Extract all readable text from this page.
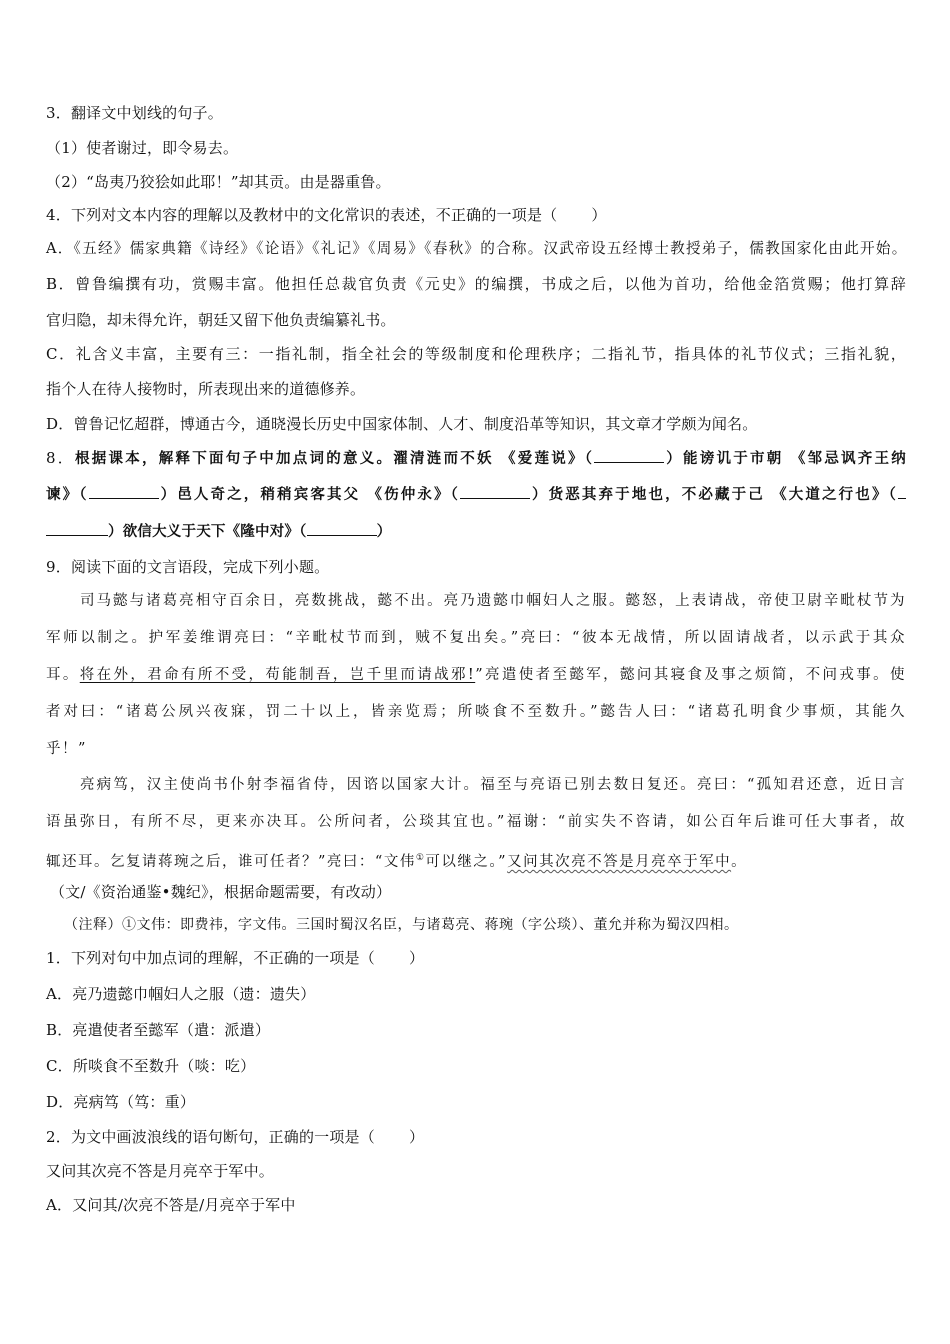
3．翻译文中划线的句子。
（1）使者谢过，即令易去。
（2）“岛夷乃狡狯如此耶！”却其贡。由是器重鲁。
4．下列对文本内容的理解以及教材中的文化常识的表述，不正确的一项是（ ）
A．《五经》儒家典籍《诗经》《论语》《礼记》《周易》《春秋》的合称。汉武帝设五经博士教授弟子，儒教国家化由此开始。
B．曾鲁编撰有功，赏赐丰富。他担任总裁官负责《元史》的编撰，书成之后，以他为首功，给他金箔赏赐；他打算辞
官归隐，却未得允许，朝廷又留下他负责编纂礼书。
C．礼含义丰富，主要有三：一指礼制，指全社会的等级制度和伦理秩序；二指礼节，指具体的礼节仪式；三指礼貌，
指个人在待人接物时，所表现出来的道德修养。
D．曾鲁记忆超群，博通古今，通晓漫长历史中国家体制、人才、制度沿革等知识，其文章才学颇为闻名。
8．根据课本，解释下面句子中加点词的意义。濯清涟而不妖 《爱莲说》（	）能谤讥于市朝 《邹忌讽齐王纳
谏》（	）邑人奇之，稍稍宾客其父 《伤仲永》（	）货恶其弃于地也，不必藏于己 《大道之行也》（
）欲信大义于天下《隆中对》（	）
9．阅读下面的文言语段，完成下列小题。
司马懿与诸葛亮相守百余日，亮数挑战，懿不出。亮乃遗懿巾帼妇人之服。懿怒，上表请战，帝使卫尉辛毗杖节为
军师以制之。护军姜维谓亮曰：“辛毗杖节而到，贼不复出矣。”亮曰：“彼本无战情，所以固请战者，以示武于其众
耳。将在外，君命有所不受，苟能制吾，岂千里而请战邪!”亮遣使者至懿军，懿问其寝食及事之烦简，不问戎事。使
者对曰：“诸葛公夙兴夜寐，罚二十以上，皆亲览焉；所啖食不至数升。”懿告人曰：“诸葛孔明食少事烦，其能久
乎！”
亮病笃，汉主使尚书仆射李福省侍，因谘以国家大计。福至与亮语已别去数日复还。亮曰：“孤知君还意，近日言
语虽弥日，有所不尽，更来亦决耳。公所问者，公琰其宜也。”福谢：“前实失不咨请，如公百年后谁可任大事者，故
辄还耳。乞复请蒋琬之后，谁可任者？”亮曰：“文伟①可以继之。”又问其次亮不答是月亮卒于军中。
（文/《资治通鉴•魏纪》，根据命题需要，有改动）
（注释）①文伟：即费祎，字文伟。三国时蜀汉名臣，与诸葛亮、蒋琬（字公琰）、董允并称为蜀汉四相。
1．下列对句中加点词的理解，不正确的一项是（ ）
A．亮乃遗懿巾帼妇人之服（遗：遗失）
B．亮遣使者至懿军（遣：派遣）
C．所啖食不至数升（啖：吃）
D．亮病笃（笃：重）
2．为文中画波浪线的语句断句，正确的一项是（ ）
又问其次亮不答是月亮卒于军中。
A．又问其/次亮不答是/月亮卒于军中
